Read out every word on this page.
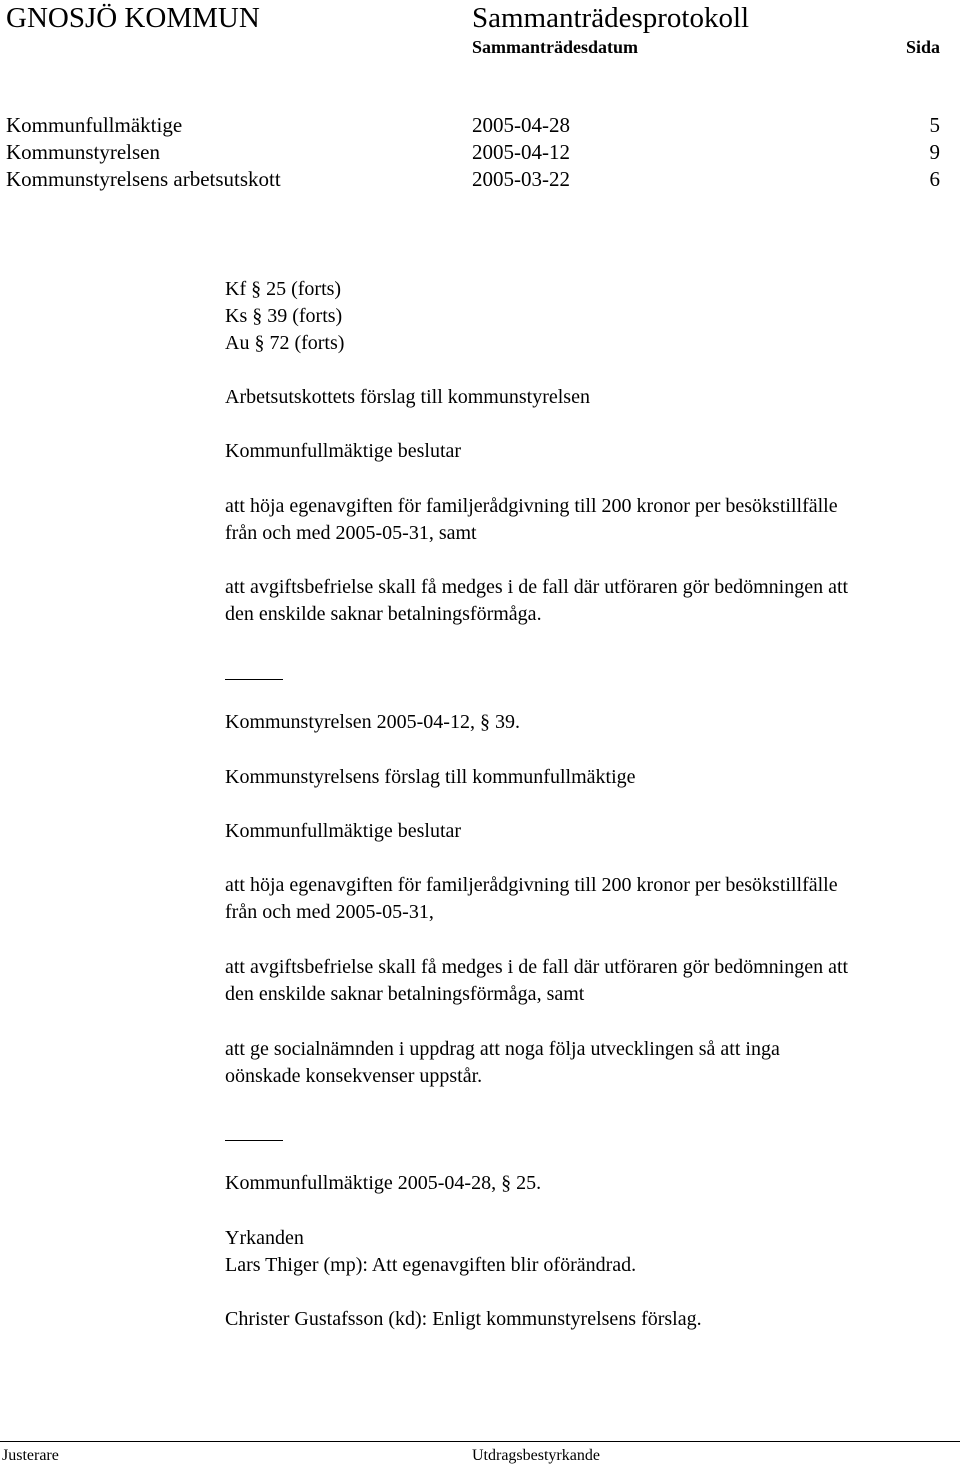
GNOSJÖ KOMMUN	Sammanträdesprotokoll
Sammanträdesdatum	Sida
Kommunfullmäktige	2005-04-28	5
Kommunstyrelsen	2005-04-12	9
Kommunstyrelsens arbetsutskott	2005-03-22	6
Kf § 25 (forts)
Ks § 39 (forts)
Au § 72 (forts)
Arbetsutskottets förslag till kommunstyrelsen
Kommunfullmäktige beslutar
att höja egenavgiften för familjerådgivning till 200 kronor per besökstillfälle
från och med 2005-05-31, samt
att avgiftsbefrielse skall få medges i de fall där utföraren gör bedömningen att
den enskilde saknar betalningsförmåga.
Kommunstyrelsen 2005-04-12, § 39.
Kommunstyrelsens förslag till kommunfullmäktige
Kommunfullmäktige beslutar
att höja egenavgiften för familjerådgivning till 200 kronor per besökstillfälle
från och med 2005-05-31,
att avgiftsbefrielse skall få medges i de fall där utföraren gör bedömningen att
den enskilde saknar betalningsförmåga, samt
att ge socialnämnden i uppdrag att noga följa utvecklingen så att inga
oönskade konsekvenser uppstår.
Kommunfullmäktige 2005-04-28, § 25.
Yrkanden
Lars Thiger (mp): Att egenavgiften blir oförändrad.
Christer Gustafsson (kd): Enligt kommunstyrelsens förslag.
Justerare	Utdragsbestyrkande
